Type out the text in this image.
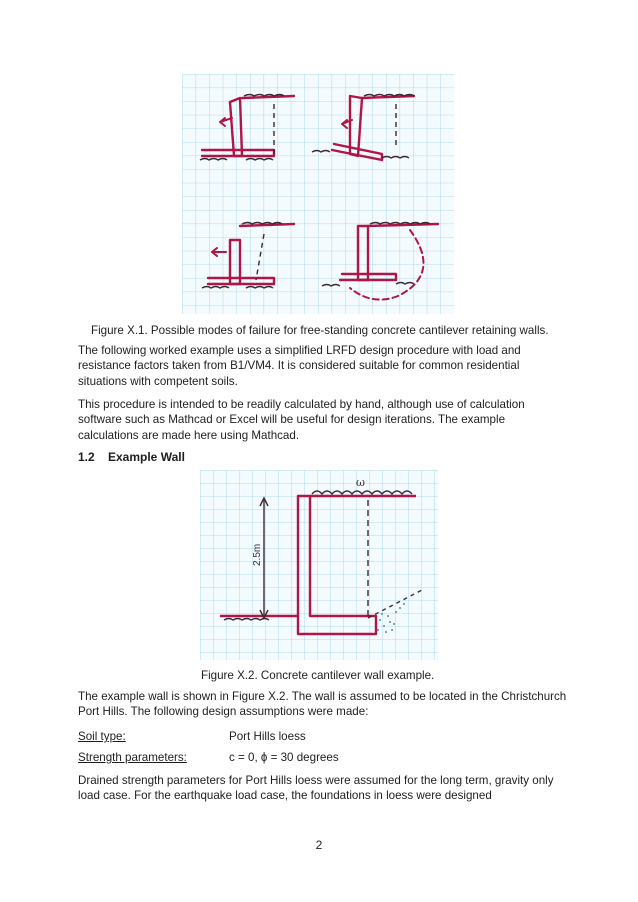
Figure X.1. Possible modes of failure for free-standing concrete cantilever retaining walls.

The following worked example uses a simplified LRFD design procedure with load and resistance factors taken from B1/VM4. It is considered suitable for common residential situations with competent soils.

This procedure is intended to be readily calculated by hand, although use of calculation software such as Mathcad or Excel will be useful for design iterations. The example calculations are made here using Mathcad.

1.2 Example Wall
2.5m
ω
Figure X.2. Concrete cantilever wall example.

The example wall is shown in Figure X.2. The wall is assumed to be located in the Christchurch Port Hills. The following design assumptions were made:

Soil type:	Port Hills loess
Strength parameters:	c = 0, ϕ = 30 degrees

Drained strength parameters for Port Hills loess were assumed for the long term, gravity only load case. For the earthquake load case, the foundations in loess were designed

2
